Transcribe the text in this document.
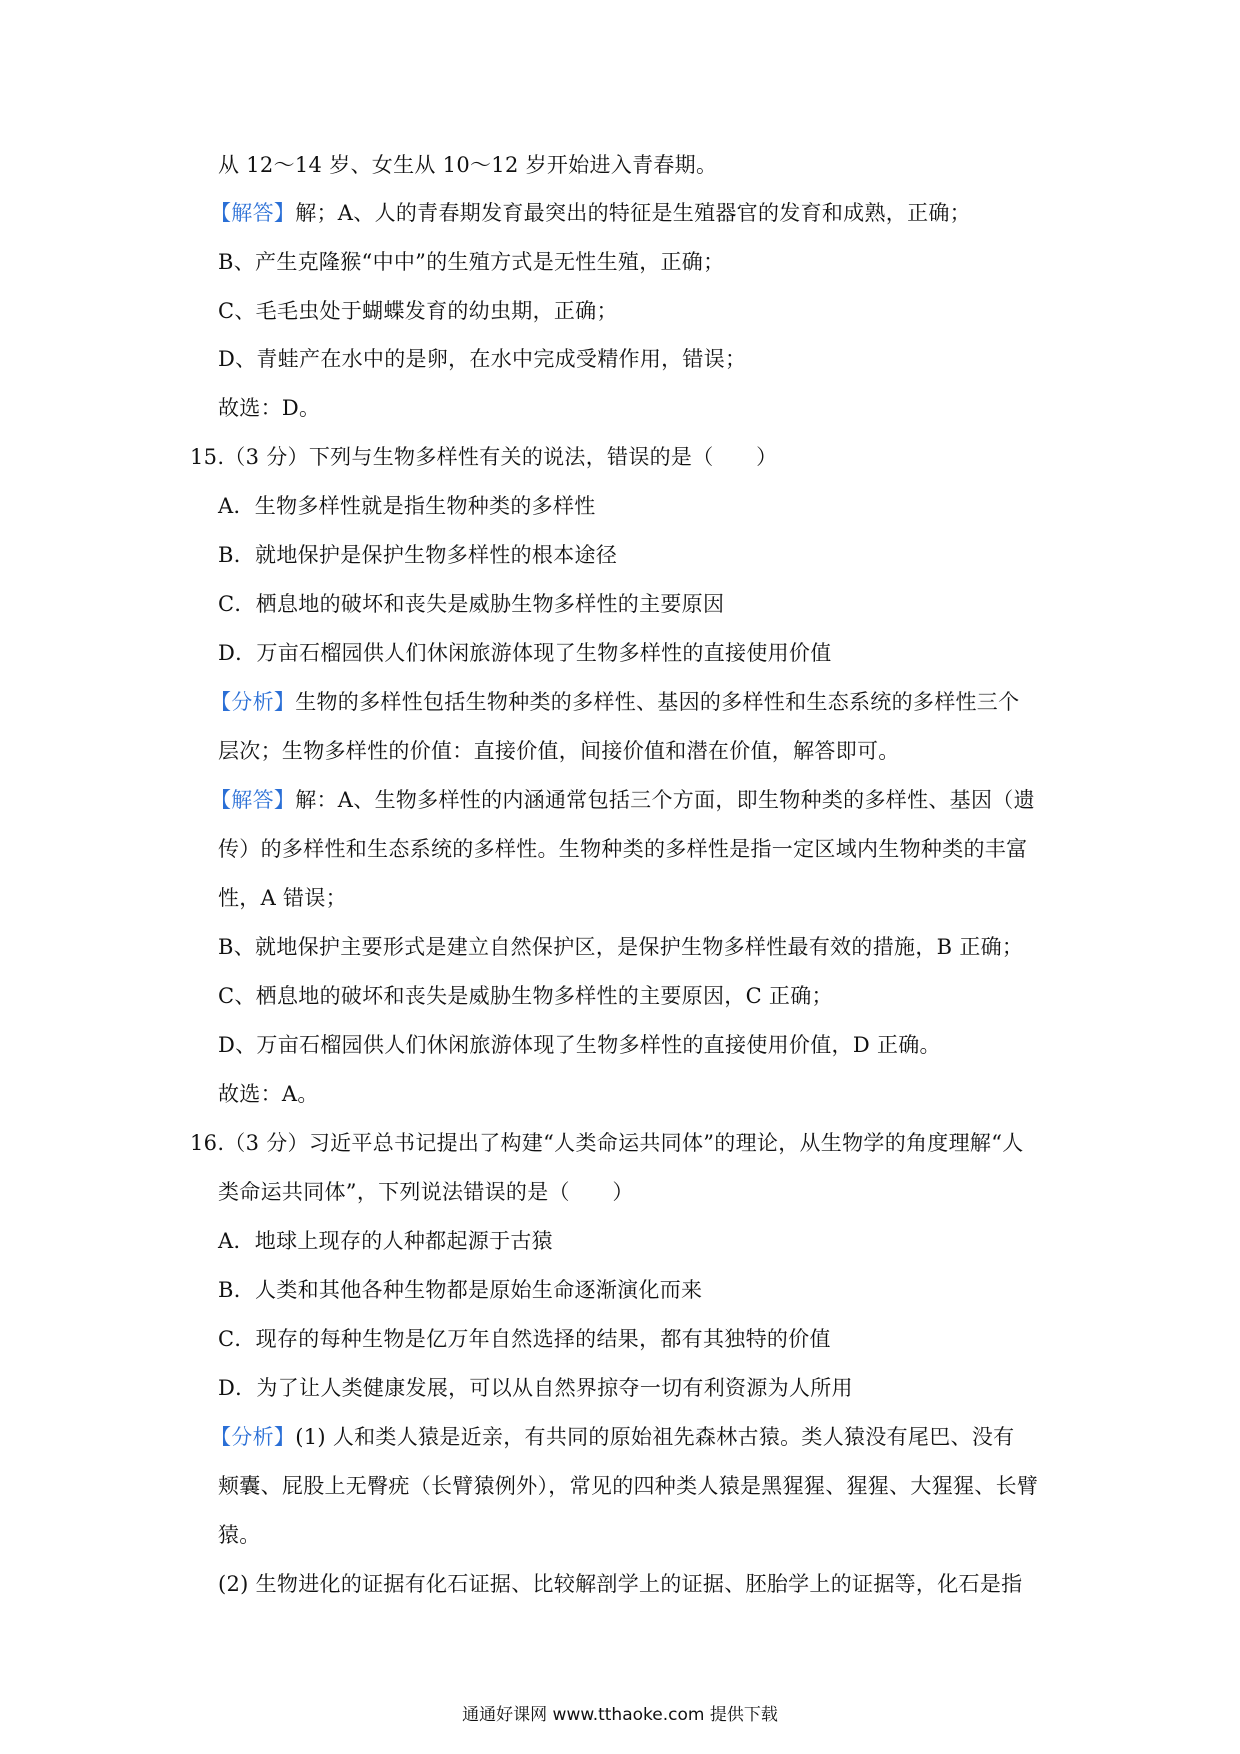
从 12～14 岁、女生从 10～12 岁开始进入青春期。
【解答】解；A、人的青春期发育最突出的特征是生殖器官的发育和成熟，正确；
B、产生克隆猴“中中”的生殖方式是无性生殖，正确；
C、毛毛虫处于蝴蝶发育的幼虫期，正确；
D、青蛙产在水中的是卵，在水中完成受精作用，错误；
故选：D。
15.（3 分）下列与生物多样性有关的说法，错误的是（　　）
A．生物多样性就是指生物种类的多样性
B．就地保护是保护生物多样性的根本途径
C．栖息地的破坏和丧失是威胁生物多样性的主要原因
D．万亩石榴园供人们休闲旅游体现了生物多样性的直接使用价值
【分析】生物的多样性包括生物种类的多样性、基因的多样性和生态系统的多样性三个
层次；生物多样性的价值：直接价值，间接价值和潜在价值，解答即可。
【解答】解：A、生物多样性的内涵通常包括三个方面，即生物种类的多样性、基因（遗
传）的多样性和生态系统的多样性。生物种类的多样性是指一定区域内生物种类的丰富
性，A 错误；
B、就地保护主要形式是建立自然保护区，是保护生物多样性最有效的措施，B 正确；
C、栖息地的破坏和丧失是威胁生物多样性的主要原因，C 正确；
D、万亩石榴园供人们休闲旅游体现了生物多样性的直接使用价值，D 正确。
故选：A。
16.（3 分）习近平总书记提出了构建“人类命运共同体”的理论，从生物学的角度理解“人
类命运共同体”，下列说法错误的是（　　）
A．地球上现存的人种都起源于古猿
B．人类和其他各种生物都是原始生命逐渐演化而来
C．现存的每种生物是亿万年自然选择的结果，都有其独特的价值
D．为了让人类健康发展，可以从自然界掠夺一切有利资源为人所用
【分析】(1) 人和类人猿是近亲，有共同的原始祖先森林古猿。类人猿没有尾巴、没有
颊囊、屁股上无臀疣（长臂猿例外），常见的四种类人猿是黑猩猩、猩猩、大猩猩、长臂
猿。
(2) 生物进化的证据有化石证据、比较解剖学上的证据、胚胎学上的证据等，化石是指
通通好课网 www.tthaoke.com 提供下载
